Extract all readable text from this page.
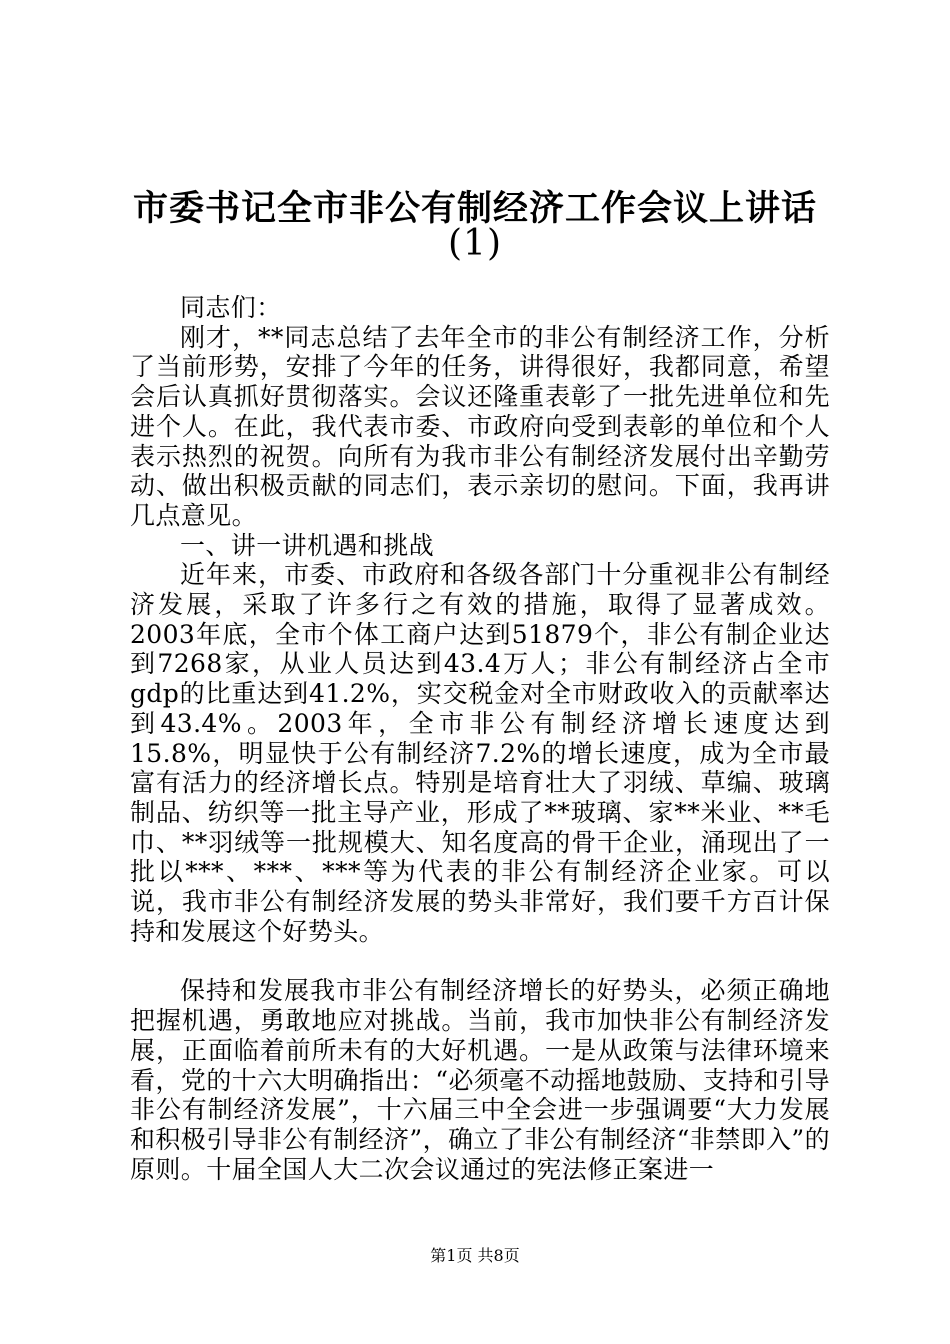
市委书记全市非公有制经济工作会议上讲话
(1)

同志们：

刚才，**同志总结了去年全市的非公有制经济工作，分析了当前形势，安排了今年的任务，讲得很好，我都同意，希望会后认真抓好贯彻落实。会议还隆重表彰了一批先进单位和先进个人。在此，我代表市委、市政府向受到表彰的单位和个人表示热烈的祝贺。向所有为我市非公有制经济发展付出辛勤劳动、做出积极贡献的同志们，表示亲切的慰问。下面，我再讲几点意见。

一、讲一讲机遇和挑战

近年来，市委、市政府和各级各部门十分重视非公有制经济发展，采取了许多行之有效的措施，取得了显著成效。2003年底，全市个体工商户达到51879个，非公有制企业达到7268家，从业人员达到43.4万人；非公有制经济占全市gdp的比重达到41.2%，实交税金对全市财政收入的贡献率达到43.4%。2003年，全市非公有制经济增长速度达到15.8%，明显快于公有制经济7.2%的增长速度，成为全市最富有活力的经济增长点。特别是培育壮大了羽绒、草编、玻璃制品、纺织等一批主导产业，形成了**玻璃、家**米业、**毛巾、**羽绒等一批规模大、知名度高的骨干企业，涌现出了一批以***、***、***等为代表的非公有制经济企业家。可以说，我市非公有制经济发展的势头非常好，我们要千方百计保持和发展这个好势头。

保持和发展我市非公有制经济增长的好势头，必须正确地把握机遇，勇敢地应对挑战。当前，我市加快非公有制经济发展，正面临着前所未有的大好机遇。一是从政策与法律环境来看，党的十六大明确指出：“必须毫不动摇地鼓励、支持和引导非公有制经济发展”，十六届三中全会进一步强调要“大力发展和积极引导非公有制经济”，确立了非公有制经济“非禁即入”的原则。十届全国人大二次会议通过的宪法修正案进一

第1页 共8页
